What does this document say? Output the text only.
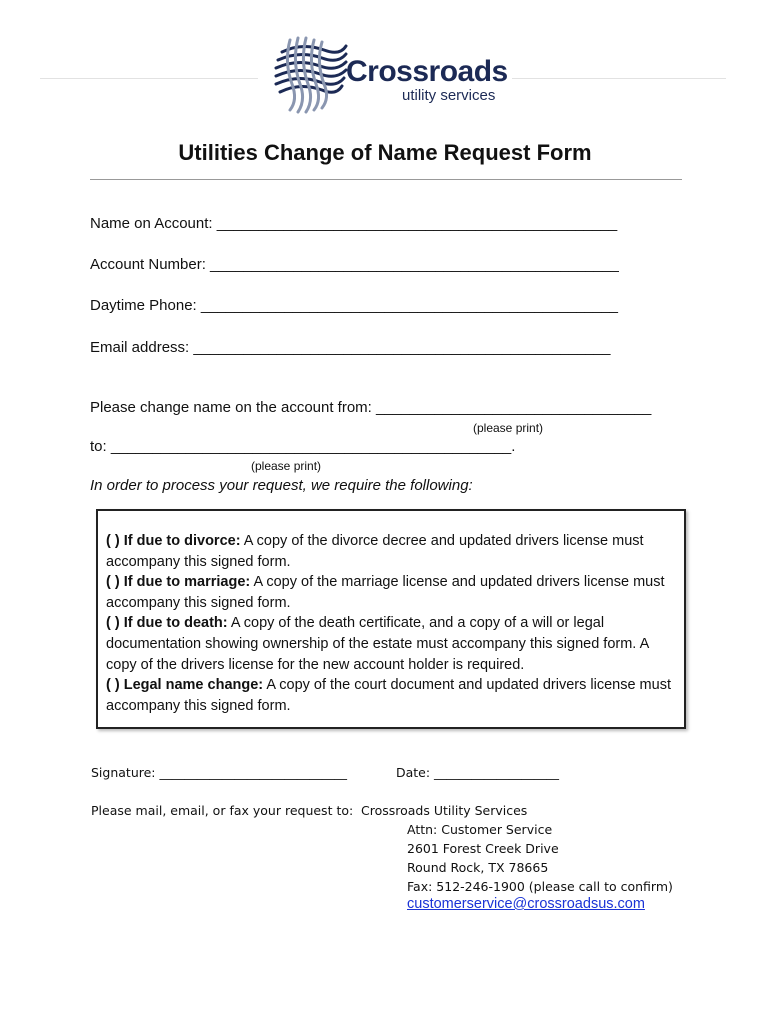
Crossroads
utility services
Utilities Change of Name Request Form
Name on Account: ________________________________________________
Account Number: _________________________________________________
Daytime Phone: __________________________________________________
Email address: __________________________________________________
Please change name on the account from: _________________________________
(please print)
to: ________________________________________________.
(please print)
In order to process your request, we require the following:

( ) If due to divorce: A copy of the divorce decree and updated drivers license must accompany this signed form.

( ) If due to marriage: A copy of the marriage license and updated drivers license must accompany this signed form.

( ) If due to death: A copy of the death certificate, and a copy of a will or legal documentation showing ownership of the estate must accompany this signed form. A copy of the drivers license for the new account holder is required.

( ) Legal name change: A copy of the court document and updated drivers license must accompany this signed form.

Signature: ______________________________	Date: ____________________
Please mail, email, or fax your request to: Crossroads Utility Services
Attn: Customer Service
2601 Forest Creek Drive
Round Rock, TX 78665
Fax: 512-246-1900 (please call to confirm)
customerservice@crossroadsus.com
